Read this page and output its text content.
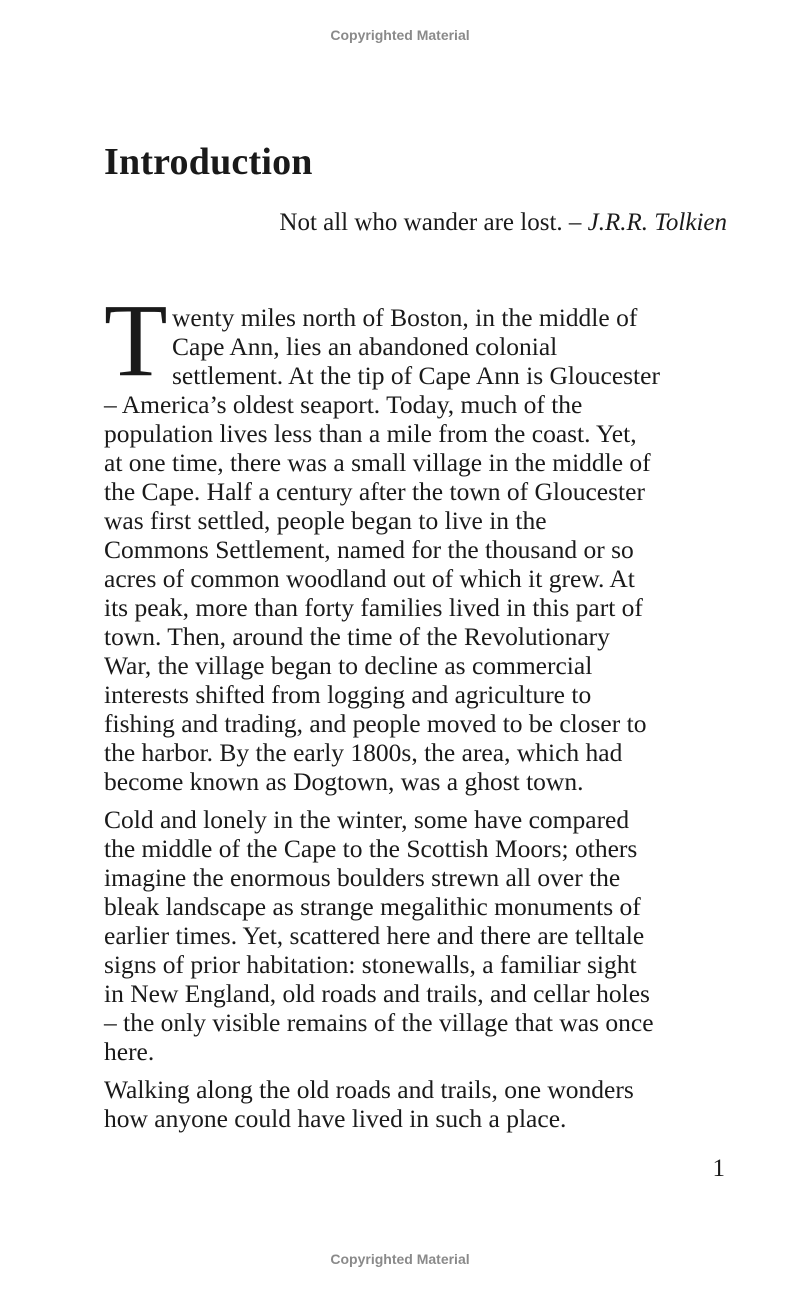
Copyrighted Material
Introduction
Not all who wander are lost. – J.R.R. Tolkien
T wenty miles north of Boston, in the middle of
Cape Ann, lies an abandoned colonial
settlement. At the tip of Cape Ann is Gloucester
– America’s oldest seaport. Today, much of the
population lives less than a mile from the coast. Yet,
at one time, there was a small village in the middle of
the Cape. Half a century after the town of Gloucester
was first settled, people began to live in the
Commons Settlement, named for the thousand or so
acres of common woodland out of which it grew. At
its peak, more than forty families lived in this part of
town. Then, around the time of the Revolutionary
War, the village began to decline as commercial
interests shifted from logging and agriculture to
fishing and trading, and people moved to be closer to
the harbor. By the early 1800s, the area, which had
become known as Dogtown, was a ghost town.

Cold and lonely in the winter, some have compared
the middle of the Cape to the Scottish Moors; others
imagine the enormous boulders strewn all over the
bleak landscape as strange megalithic monuments of
earlier times. Yet, scattered here and there are telltale
signs of prior habitation: stonewalls, a familiar sight
in New England, old roads and trails, and cellar holes
– the only visible remains of the village that was once
here.

Walking along the old roads and trails, one wonders
how anyone could have lived in such a place.

1
Copyrighted Material
